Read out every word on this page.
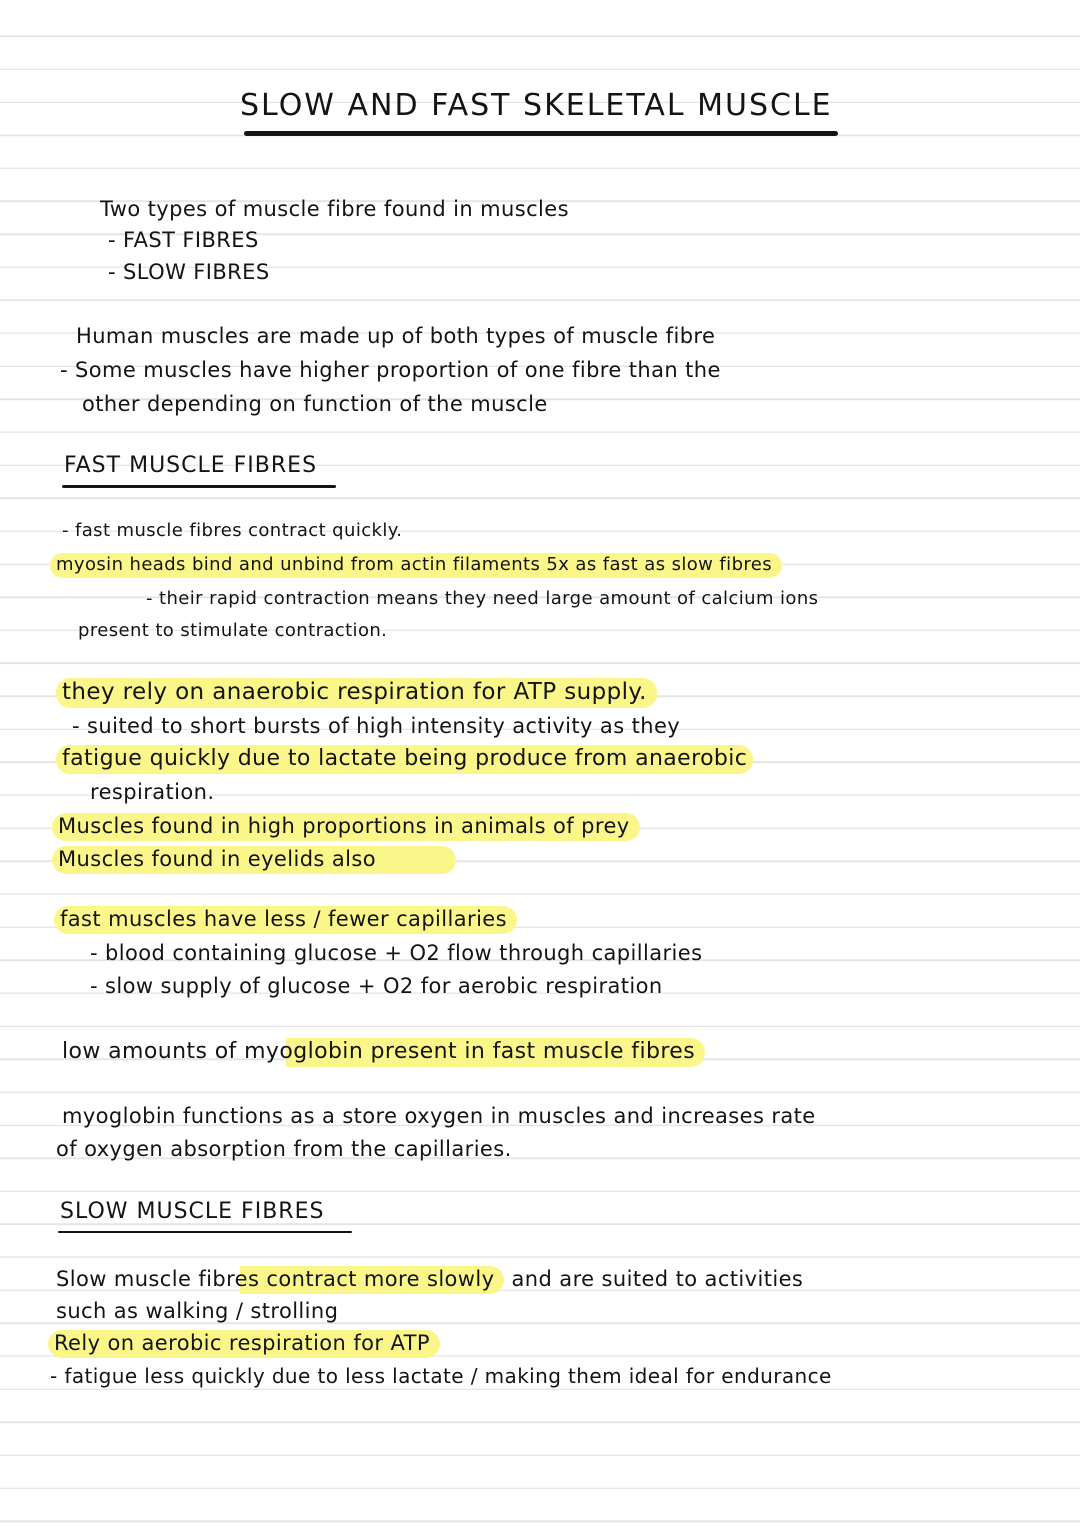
SLOW AND FAST SKELETAL MUSCLE
Two types of muscle fibre found in muscles
- FAST FIBRES
- SLOW FIBRES
Human muscles are made up of both types of muscle fibre
- Some muscles have higher proportion of one fibre than the
other depending on function of the muscle
FAST MUSCLE FIBRES
- fast muscle fibres contract quickly.
myosin heads bind and unbind from actin filaments 5x as fast as slow fibres
- their rapid contraction means they need large amount of calcium ions
present to stimulate contraction.
they rely on anaerobic respiration for ATP supply.
- suited to short bursts of high intensity activity as they
fatigue quickly due to lactate being produce from anaerobic
respiration.
Muscles found in high proportions in animals of prey
Muscles found in eyelids also
fast muscles have less / fewer capillaries
- blood containing glucose + O2 flow through capillaries
- slow supply of glucose + O2 for aerobic respiration
low amounts of myoglobin present in fast muscle fibres
myoglobin functions as a store oxygen in muscles and increases rate
of oxygen absorption from the capillaries.
SLOW MUSCLE FIBRES
Slow muscle fibres contract more slowly and are suited to activities
such as walking / strolling
Rely on aerobic respiration for ATP
- fatigue less quickly due to less lactate / making them ideal for endurance
